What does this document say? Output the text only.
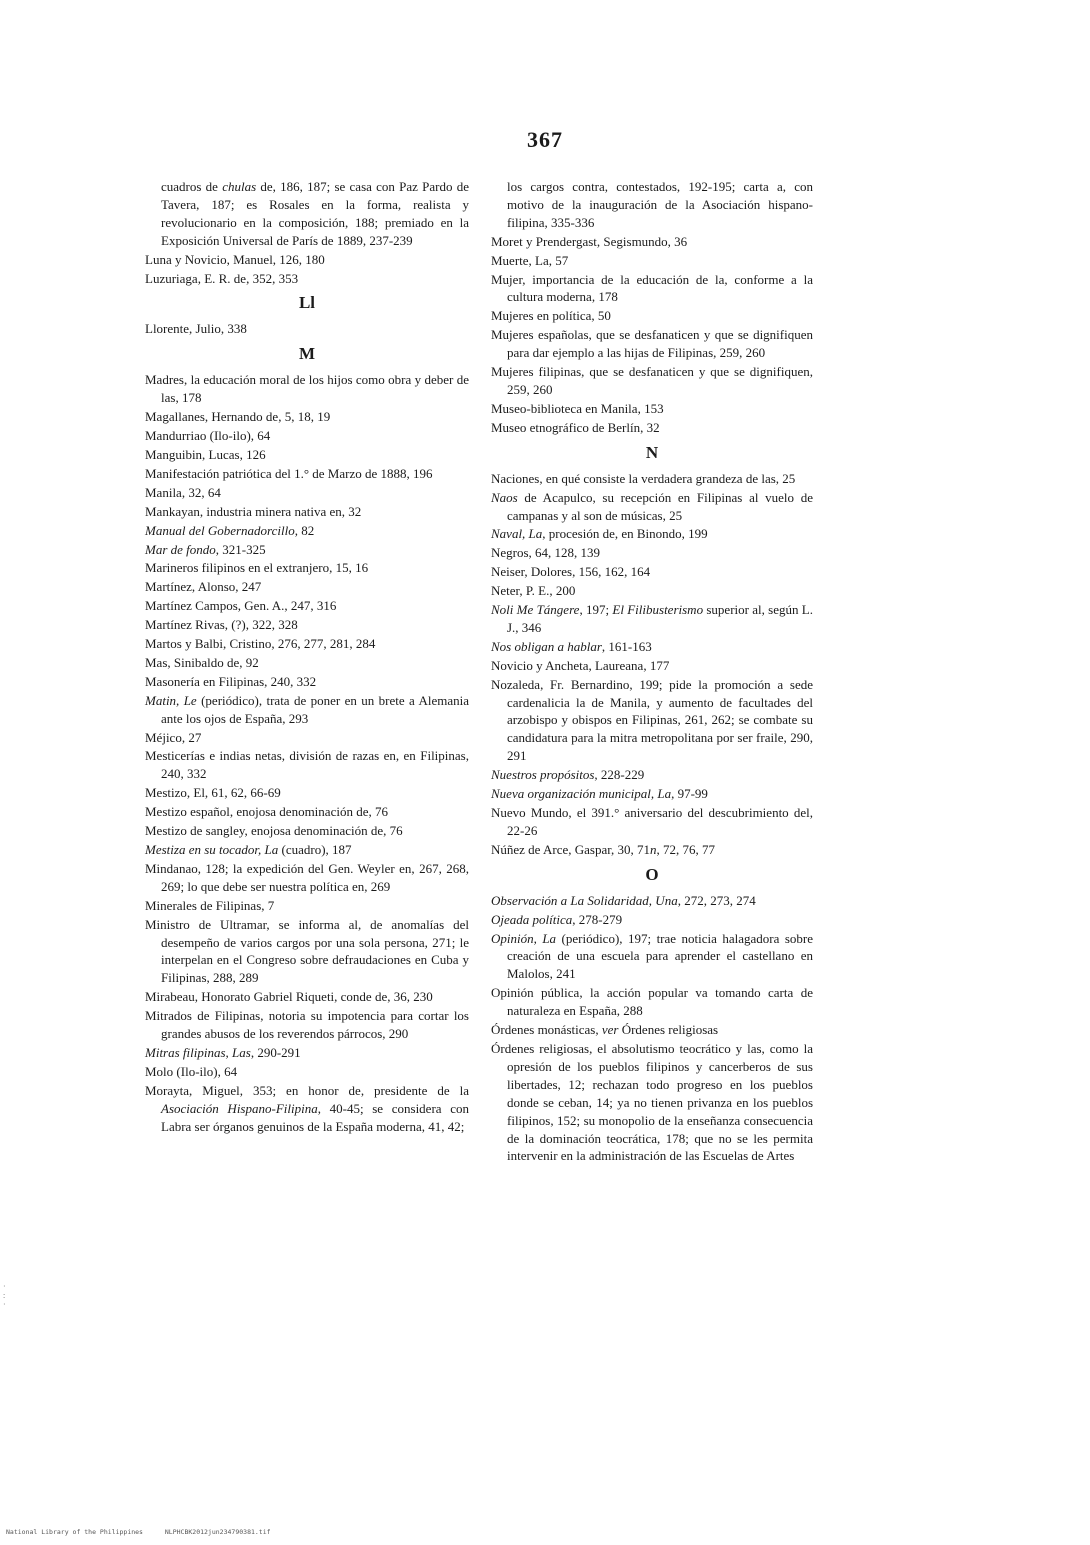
367
cuadros de chulas de, 186, 187; se casa con Paz Pardo de Tavera, 187; es Rosales en la forma, realista y revolucionario en la composición, 188; premiado en la Exposición Universal de París de 1889, 237-239
Luna y Novicio, Manuel, 126, 180
Luzuriaga, E. R. de, 352, 353
Ll
Llorente, Julio, 338
M
Madres, la educación moral de los hijos como obra y deber de las, 178
Magallanes, Hernando de, 5, 18, 19
Mandurriao (Ilo-ilo), 64
Manguibin, Lucas, 126
Manifestación patriótica del 1.° de Marzo de 1888, 196
Manila, 32, 64
Mankayan, industria minera nativa en, 32
Manual del Gobernadorcillo, 82
Mar de fondo, 321-325
Marineros filipinos en el extranjero, 15, 16
Martínez, Alonso, 247
Martínez Campos, Gen. A., 247, 316
Martínez Rivas, (?), 322, 328
Martos y Balbi, Cristino, 276, 277, 281, 284
Mas, Sinibaldo de, 92
Masonería en Filipinas, 240, 332
Matin, Le (periódico), trata de poner en un brete a Alemania ante los ojos de España, 293
Méjico, 27
Mesticerías e indias netas, división de razas en, en Filipinas, 240, 332
Mestizo, El, 61, 62, 66-69
Mestizo español, enojosa denominación de, 76
Mestizo de sangley, enojosa denominación de, 76
Mestiza en su tocador, La (cuadro), 187
Mindanao, 128; la expedición del Gen. Weyler en, 267, 268, 269; lo que debe ser nuestra política en, 269
Minerales de Filipinas, 7
Ministro de Ultramar, se informa al, de anomalías del desempeño de varios cargos por una sola persona, 271; le interpelan en el Congreso sobre defraudaciones en Cuba y Filipinas, 288, 289
Mirabeau, Honorato Gabriel Riqueti, conde de, 36, 230
Mitrados de Filipinas, notoria su impotencia para cortar los grandes abusos de los reverendos párrocos, 290
Mitras filipinas, Las, 290-291
Molo (Ilo-ilo), 64
Morayta, Miguel, 353; en honor de, presidente de la Asociación Hispano-Filipina, 40-45; se considera con Labra ser órganos genuinos de la España moderna, 41, 42;
los cargos contra, contestados, 192-195; carta a, con motivo de la inauguración de la Asociación hispano-filipina, 335-336
Moret y Prendergast, Segismundo, 36
Muerte, La, 57
Mujer, importancia de la educación de la, conforme a la cultura moderna, 178
Mujeres en política, 50
Mujeres españolas, que se desfanaticen y que se dignifiquen para dar ejemplo a las hijas de Filipinas, 259, 260
Mujeres filipinas, que se desfanaticen y que se dignifiquen, 259, 260
Museo-biblioteca en Manila, 153
Museo etnográfico de Berlín, 32
N
Naciones, en qué consiste la verdadera grandeza de las, 25
Naos de Acapulco, su recepción en Filipinas al vuelo de campanas y al son de músicas, 25
Naval, La, procesión de, en Binondo, 199
Negros, 64, 128, 139
Neiser, Dolores, 156, 162, 164
Neter, P. E., 200
Noli Me Tángere, 197; El Filibusterismo superior al, según L. J., 346
Nos obligan a hablar, 161-163
Novicio y Ancheta, Laureana, 177
Nozaleda, Fr. Bernardino, 199; pide la promoción a sede cardenalicia la de Manila, y aumento de facultades del arzobispo y obispos en Filipinas, 261, 262; se combate su candidatura para la mitra metropolitana por ser fraile, 290, 291
Nuestros propósitos, 228-229
Nueva organización municipal, La, 97-99
Nuevo Mundo, el 391.° aniversario del descubrimiento del, 22-26
Núñez de Arce, Gaspar, 30, 71n, 72, 76, 77
O
Observación a La Solidaridad, Una, 272, 273, 274
Ojeada política, 278-279
Opinión, La (periódico), 197; trae noticia halagadora sobre creación de una escuela para aprender el castellano en Malolos, 241
Opinión pública, la acción popular va tomando carta de naturaleza en España, 288
Órdenes monásticas, ver Órdenes religiosas
Órdenes religiosas, el absolutismo teocrático y las, como la opresión de los pueblos filipinos y cancerberos de sus libertades, 12; rechazan todo progreso en los pueblos donde se ceban, 14; ya no tienen privanza en los pueblos filipinos, 152; su monopolio de la enseñanza consecuencia de la dominación teocrática, 178; que no se les permita intervenir en la administración de las Escuelas de Artes
·
:
·
National Library of the Philippines	NLPHCBK2012jun234790381.tif
